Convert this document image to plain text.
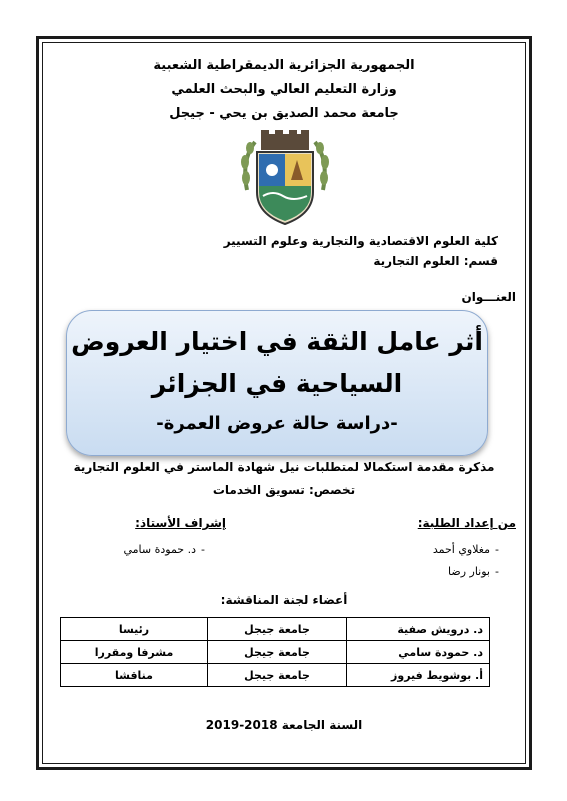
الجمهورية الجزائرية الديمقراطية الشعبية
وزارة التعليم العالي والبحث العلمي
جامعة محمد الصديق بن يحي - جيجل
كلية العلوم الاقتصادية والتجارية وعلوم التسيير
قسم: العلوم التجارية
العنـــوان
أثر عامل الثقة في اختيار العروض
السياحية في الجزائر
-دراسة حالة عروض العمرة-
مذكرة مقدمة استكمالا لمتطلبات نيل شهادة الماستر في العلوم التجارية
تخصص: تسويق الخدمات
من إعداد الطلبة:
إشراف الأستاذ:
-مغلاوي أحمد
-د. حمودة سامي
-بونار رضا
أعضاء لجنة المناقشة:
د. درويش صفية	جامعة جيجل	رئيسا
د. حمودة سامي	جامعة جيجل	مشرفا ومقررا
أ. بوشويط فيروز	جامعة جيجل	مناقشا
السنة الجامعة 2018-2019
